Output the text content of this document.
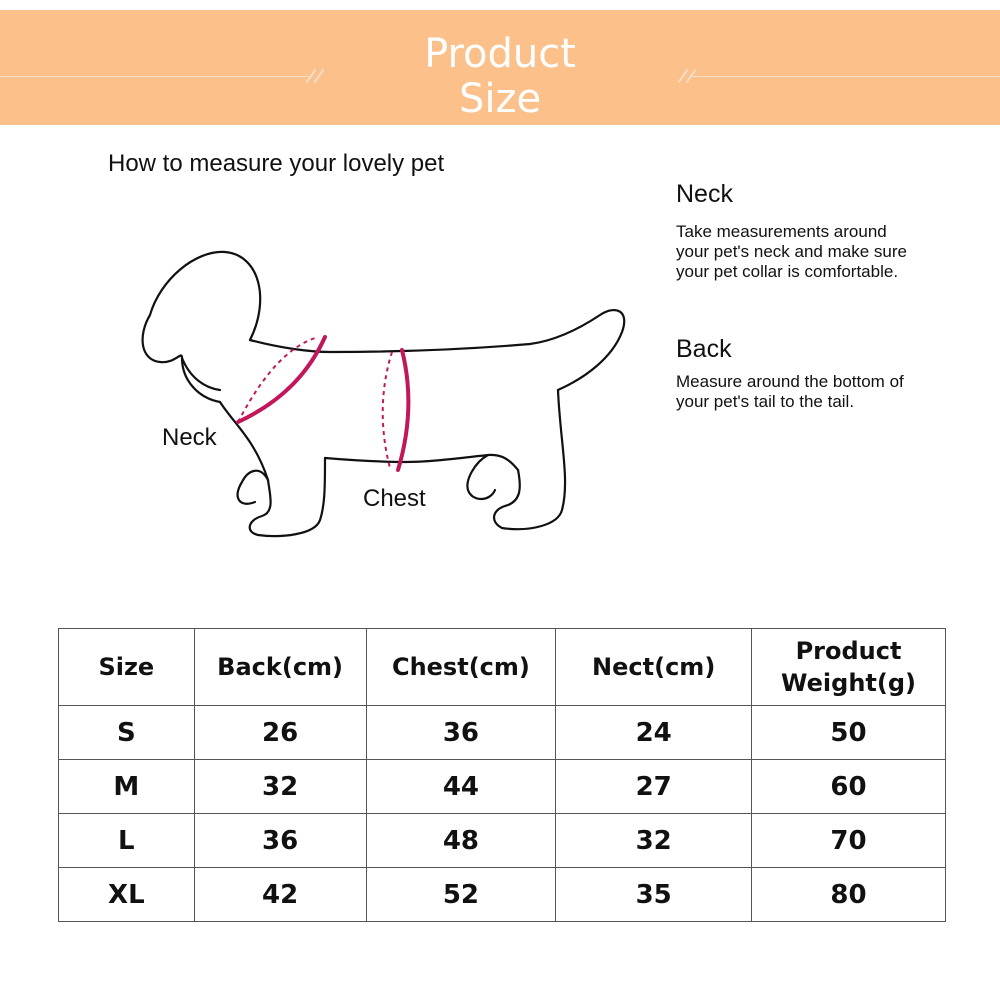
Product
Size
How to measure your lovely pet
Neck
Chest
Neck
Take measurements around your pet's neck and make sure your pet collar is comfortable.
Back
Measure around the bottom of your pet's tail to the tail.
Size	Back(cm)	Chest(cm)	Nect(cm)	Product Weight(g)
S	26	36	24	50
M	32	44	27	60
L	36	48	32	70
XL	42	52	35	80
